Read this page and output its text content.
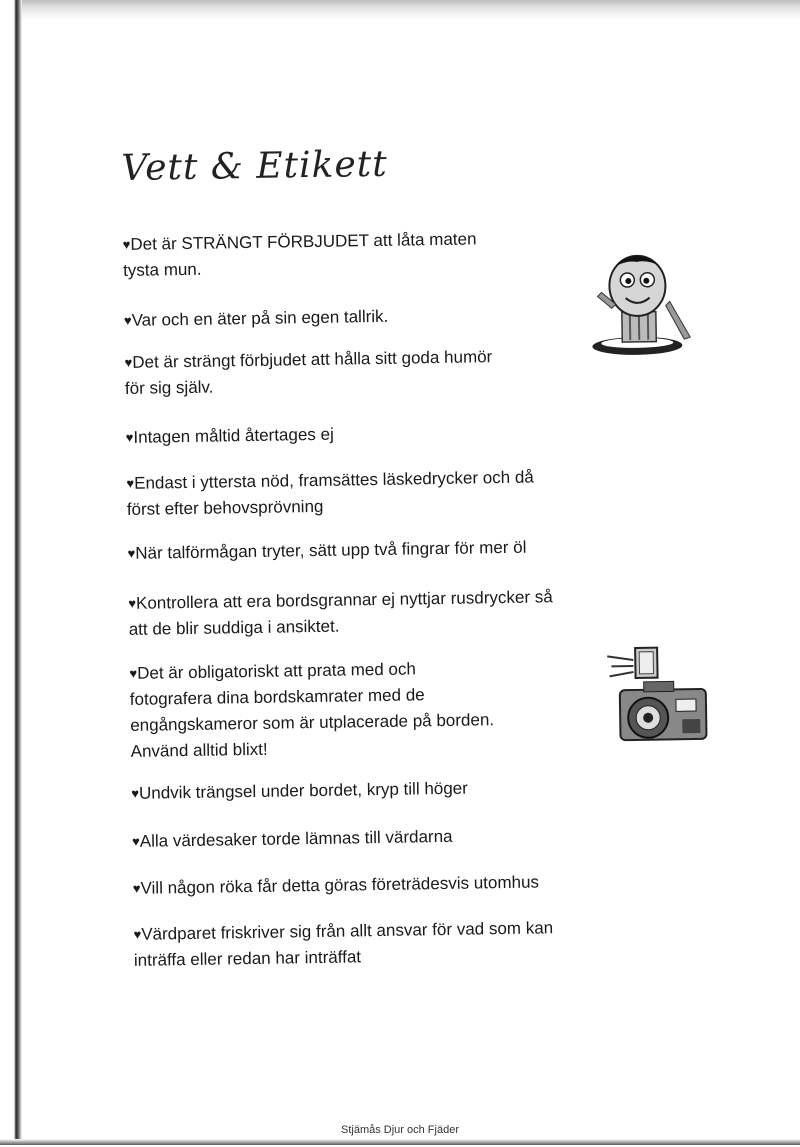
Vett & Etikett
♥Det är STRÄNGT FÖRBJUDET att låta maten
tysta mun.
♥Var och en äter på sin egen tallrik.
♥Det är strängt förbjudet att hålla sitt goda humör
för sig själv.
♥Intagen måltid återtages ej
♥Endast i yttersta nöd, framsättes läskedrycker och då
först efter behovsprövning
♥När talförmågan tryter, sätt upp två fingrar för mer öl
♥Kontrollera att era bordsgrannar ej nyttjar rusdrycker så
att de blir suddiga i ansiktet.
♥Det är obligatoriskt att prata med och
fotografera dina bordskamrater med de
engångskameror som är utplacerade på borden.
Använd alltid blixt!
♥Undvik trängsel under bordet, kryp till höger
♥Alla värdesaker torde lämnas till värdarna
♥Vill någon röka får detta göras företrädesvis utomhus
♥Värdparet friskriver sig från allt ansvar för vad som kan
inträffa eller redan har inträffat
Stjämås Djur och Fjäder
